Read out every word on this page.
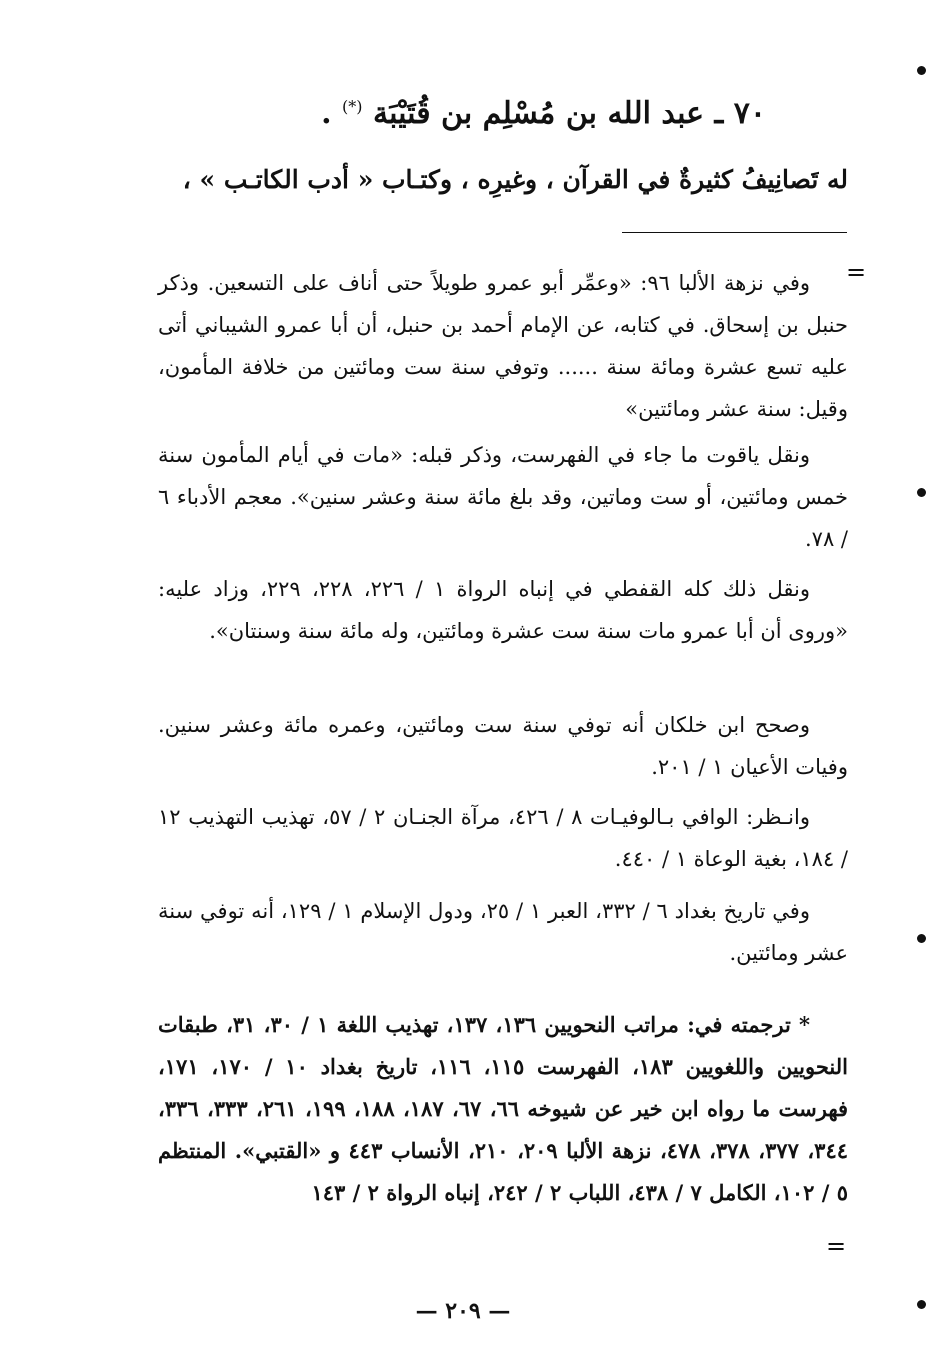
٧٠ ـ عبد الله بن مُسْلِم بن قُتَيْبَة (*) .
له تَصانِيفُ كثيرةٌ في القرآن ، وغيرِه ، وكتـاب « أدب الكاتـب » ،
=
وفي نزهة الألبا ٩٦: «وعمِّر أبو عمرو طويلاً حتى أناف على التسعين. وذكر حنبل بن إسحاق. في كتابه، عن الإمام أحمد بن حنبل، أن أبا عمرو الشيباني أتى عليه تسع عشرة ومائة سنة ...... وتوفي سنة ست ومائتين من خلافة المأمون، وقيل: سنة عشر ومائتين»
ونقل ياقوت ما جاء في الفهرست، وذكر قبله: «مات في أيام المأمون سنة خمس ومائتين، أو ست وماتين، وقد بلغ مائة سنة وعشر سنين». معجم الأدباء ٦ / ٧٨.
ونقل ذلك كله القفطي في إنباه الرواة ١ / ٢٢٦، ٢٢٨، ٢٢٩، وزاد عليه: «وروى أن أبا عمرو مات سنة ست عشرة ومائتين، وله مائة سنة وسنتان».
وصحح ابن خلكان أنه توفي سنة ست ومائتين، وعمره مائة وعشر سنين. وفيات الأعيان ١ / ٢٠١.
وانـظر: الوافي بـالوفيـات ٨ / ٤٢٦، مرآة الجنـان ٢ / ٥٧، تهذيب التهذيب ١٢ / ١٨٤، بغية الوعاة ١ / ٤٤٠.
وفي تاريخ بغداد ٦ / ٣٣٢، العبر ١ / ٢٥، ودول الإسلام ١ / ١٢٩، أنه توفي سنة عشر ومائتين.
* ترجمته في: مراتب النحويين ١٣٦، ١٣٧، تهذيب اللغة ١ / ٣٠، ٣١، طبقات النحويين واللغويين ١٨٣، الفهرست ١١٥، ١١٦، تاريخ بغداد ١٠ / ١٧٠، ١٧١، فهرست ما رواه ابن خير عن شيوخه ٦٦، ٦٧، ١٨٧، ١٨٨، ١٩٩، ٢٦١، ٣٣٣، ٣٣٦، ٣٤٤، ٣٧٧، ٣٧٨، ٤٧٨، نزهة الألبا ٢٠٩، ٢١٠، الأنساب ٤٤٣ و «القتبي». المنتظم ٥ / ١٠٢، الكامل ٧ / ٤٣٨، اللباب ٢ / ٢٤٢، إنباه الرواة ٢ / ١٤٣
=
— ٢٠٩ —
